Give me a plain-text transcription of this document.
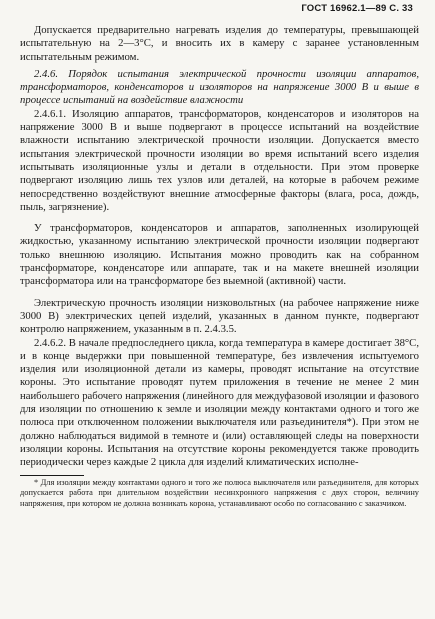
ГОСТ 16962.1—89 С. 33

Допускается предварительно нагревать изделия до температуры, превышающей испытательную на 2—3°С, и вносить их в камеру с заранее установленным испытательным режимом.

2.4.6. Порядок испытания электрической прочности изоляции аппаратов, трансформаторов, конденсаторов и изоляторов на напряжение 3000 В и выше в процессе испытаний на воздействие влажности

2.4.6.1. Изоляцию аппаратов, трансформаторов, конденсаторов и изоляторов на напряжение 3000 В и выше подвергают в процессе испытаний на воздействие влажности испытанию электрической прочности изоляции. Допускается вместо испытания электрической прочности изоляции во время испытаний всего изделия испытывать изоляционные узлы и детали в отдельности. При этом проверке подвергают изоляцию лишь тех узлов или деталей, на которые в рабочем режиме непосредственно воздействуют внешние атмосферные факторы (влага, роса, дождь, пыль, загрязнение).

У трансформаторов, конденсаторов и аппаратов, заполненных изолирующей жидкостью, указанному испытанию электрической прочности изоляции подвергают только внешнюю изоляцию. Испытания можно проводить как на собранном трансформаторе, конденсаторе или аппарате, так и на макете внешней изоляции трансформатора или на трансформаторе без выемной (активной) части.

Электрическую прочность изоляции низковольтных (на рабочее напряжение ниже 3000 В) электрических цепей изделий, указанных в данном пункте, подвергают контролю напряжением, указанным в п. 2.4.3.5.

2.4.6.2. В начале предпоследнего цикла, когда температура в камере достигает 38°С, и в конце выдержки при повышенной температуре, без извлечения испытуемого изделия или изоляционной детали из камеры, проводят испытание на отсутствие короны. Это испытание проводят путем приложения в течение не менее 2 мин наибольшего рабочего напряжения (линейного для междуфазовой изоляции и фазового для изоляции по отношению к земле и изоляции между контактами одного и того же полюса при отключенном положении выключателя или разъединителя*). При этом не должно наблюдаться видимой в темноте и (или) оставляющей следы на поверхности изоляции короны. Испытания на отсутствие короны рекомендуется также проводить периодически через каждые 2 цикла для изделий климатических исполне-

* Для изоляции между контактами одного и того же полюса выключателя или разъединителя, для которых допускается работа при длительном воздействии несинхронного напряжения с двух сторон, величину напряжения, при котором не должна возникать корона, устанавливают особо по согласованию с заказчиком.
